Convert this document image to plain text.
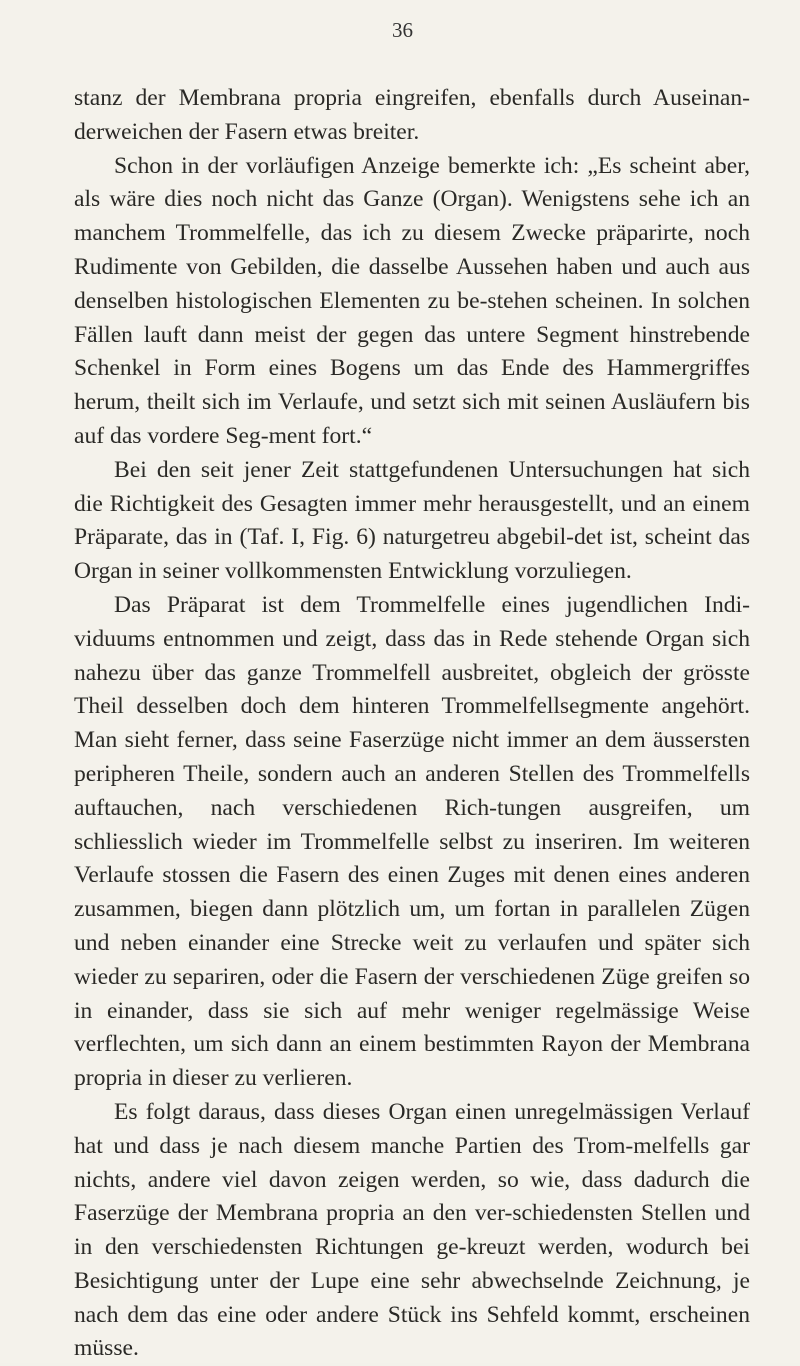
36

stanz der Membrana propria eingreifen, ebenfalls durch Auseinan-derweichen der Fasern etwas breiter.

Schon in der vorläufigen Anzeige bemerkte ich: „Es scheint aber, als wäre dies noch nicht das Ganze (Organ). Wenigstens sehe ich an manchem Trommelfelle, das ich zu diesem Zwecke präparirte, noch Rudimente von Gebilden, die dasselbe Aussehen haben und auch aus denselben histologischen Elementen zu be-stehen scheinen. In solchen Fällen lauft dann meist der gegen das untere Segment hinstrebende Schenkel in Form eines Bogens um das Ende des Hammergriffes herum, theilt sich im Verlaufe, und setzt sich mit seinen Ausläufern bis auf das vordere Seg-ment fort.“

Bei den seit jener Zeit stattgefundenen Untersuchungen hat sich die Richtigkeit des Gesagten immer mehr herausgestellt, und an einem Präparate, das in (Taf. I, Fig. 6) naturgetreu abgebil-det ist, scheint das Organ in seiner vollkommensten Entwicklung vorzuliegen.

Das Präparat ist dem Trommelfelle eines jugendlichen Indi-viduums entnommen und zeigt, dass das in Rede stehende Organ sich nahezu über das ganze Trommelfell ausbreitet, obgleich der grösste Theil desselben doch dem hinteren Trommelfellsegmente angehört. Man sieht ferner, dass seine Faserzüge nicht immer an dem äussersten peripheren Theile, sondern auch an anderen Stellen des Trommelfells auftauchen, nach verschiedenen Rich-tungen ausgreifen, um schliesslich wieder im Trommelfelle selbst zu inseriren. Im weiteren Verlaufe stossen die Fasern des einen Zuges mit denen eines anderen zusammen, biegen dann plötzlich um, um fortan in parallelen Zügen und neben einander eine Strecke weit zu verlaufen und später sich wieder zu separiren, oder die Fasern der verschiedenen Züge greifen so in einander, dass sie sich auf mehr weniger regelmässige Weise verflechten, um sich dann an einem bestimmten Rayon der Membrana propria in dieser zu verlieren.

Es folgt daraus, dass dieses Organ einen unregelmässigen Verlauf hat und dass je nach diesem manche Partien des Trom-melfells gar nichts, andere viel davon zeigen werden, so wie, dass dadurch die Faserzüge der Membrana propria an den ver-schiedensten Stellen und in den verschiedensten Richtungen ge-kreuzt werden, wodurch bei Besichtigung unter der Lupe eine sehr abwechselnde Zeichnung, je nach dem das eine oder andere Stück ins Sehfeld kommt, erscheinen müsse.
